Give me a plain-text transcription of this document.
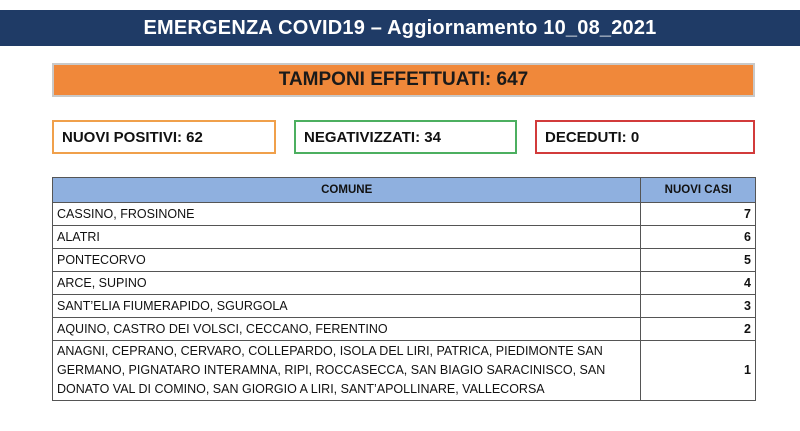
EMERGENZA COVID19 – Aggiornamento 10_08_2021
TAMPONI EFFETTUATI: 647
NUOVI POSITIVI: 62	NEGATIVIZZATI: 34	DECEDUTI: 0
COMUNE	NUOVI CASI
CASSINO, FROSINONE	7
ALATRI	6
PONTECORVO	5
ARCE, SUPINO	4
SANT’ELIA FIUMERAPIDO, SGURGOLA	3
AQUINO, CASTRO DEI VOLSCI, CECCANO, FERENTINO	2
ANAGNI, CEPRANO, CERVARO, COLLEPARDO, ISOLA DEL LIRI, PATRICA, PIEDIMONTE SAN GERMANO, PIGNATARO INTERAMNA, RIPI, ROCCASECCA, SAN BIAGIO SARACINISCO, SAN DONATO VAL DI COMINO, SAN GIORGIO A LIRI, SANT’APOLLINARE, VALLECORSA	1
